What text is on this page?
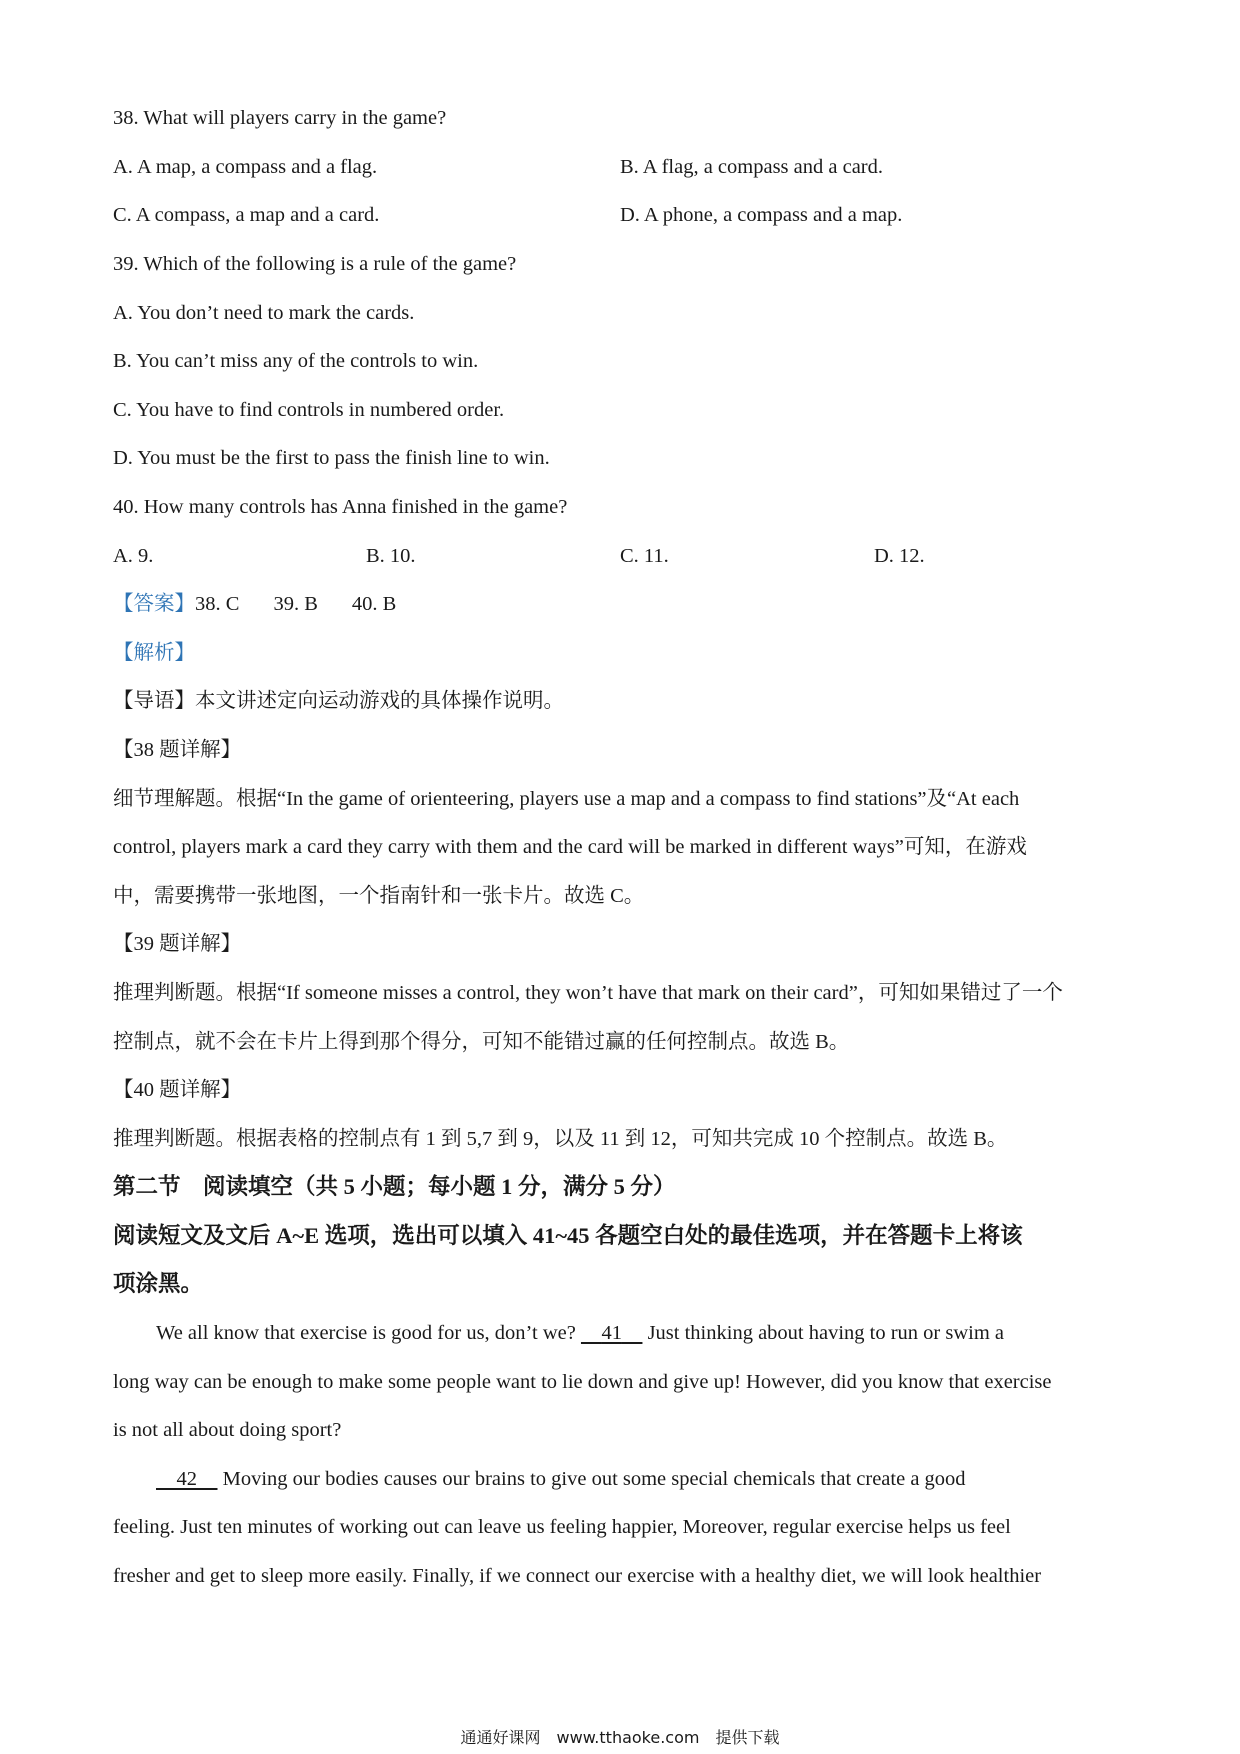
38. What will players carry in the game?
A. A map, a compass and a flag.	B. A flag, a compass and a card.
C. A compass, a map and a card.	D. A phone, a compass and a map.
39. Which of the following is a rule of the game?
A. You don’t need to mark the cards.
B. You can’t miss any of the controls to win.
C. You have to find controls in numbered order.
D. You must be the first to pass the finish line to win.
40. How many controls has Anna finished in the game?
A. 9.	B. 10.	C. 11.	D. 12.
【答案】38. C 39. B 40. B
【解析】
【导语】本文讲述定向运动游戏的具体操作说明。
【38 题详解】
细节理解题。根据“In the game of orienteering, players use a map and a compass to find stations”及“At each
control, players mark a card they carry with them and the card will be marked in different ways”可知，在游戏
中，需要携带一张地图，一个指南针和一张卡片。故选 C。
【39 题详解】
推理判断题。根据“If someone misses a control, they won’t have that mark on their card”，可知如果错过了一个
控制点，就不会在卡片上得到那个得分，可知不能错过赢的任何控制点。故选 B。
【40 题详解】
推理判断题。根据表格的控制点有 1 到 5,7 到 9，以及 11 到 12，可知共完成 10 个控制点。故选 B。
第二节　阅读填空（共 5 小题；每小题 1 分，满分 5 分）
阅读短文及文后 A~E 选项，选出可以填入 41~45 各题空白处的最佳选项，并在答题卡上将该
项涂黑。
We all know that exercise is good for us, don’t we?     41     Just thinking about having to run or swim a
long way can be enough to make some people want to lie down and give up! However, did you know that exercise
is not all about doing sport?
42     Moving our bodies causes our brains to give out some special chemicals that create a good
feeling. Just ten minutes of working out can leave us feeling happier, Moreover, regular exercise helps us feel
fresher and get to sleep more easily. Finally, if we connect our exercise with a healthy diet, we will look healthier
通通好课网　www.tthaoke.com　提供下载
